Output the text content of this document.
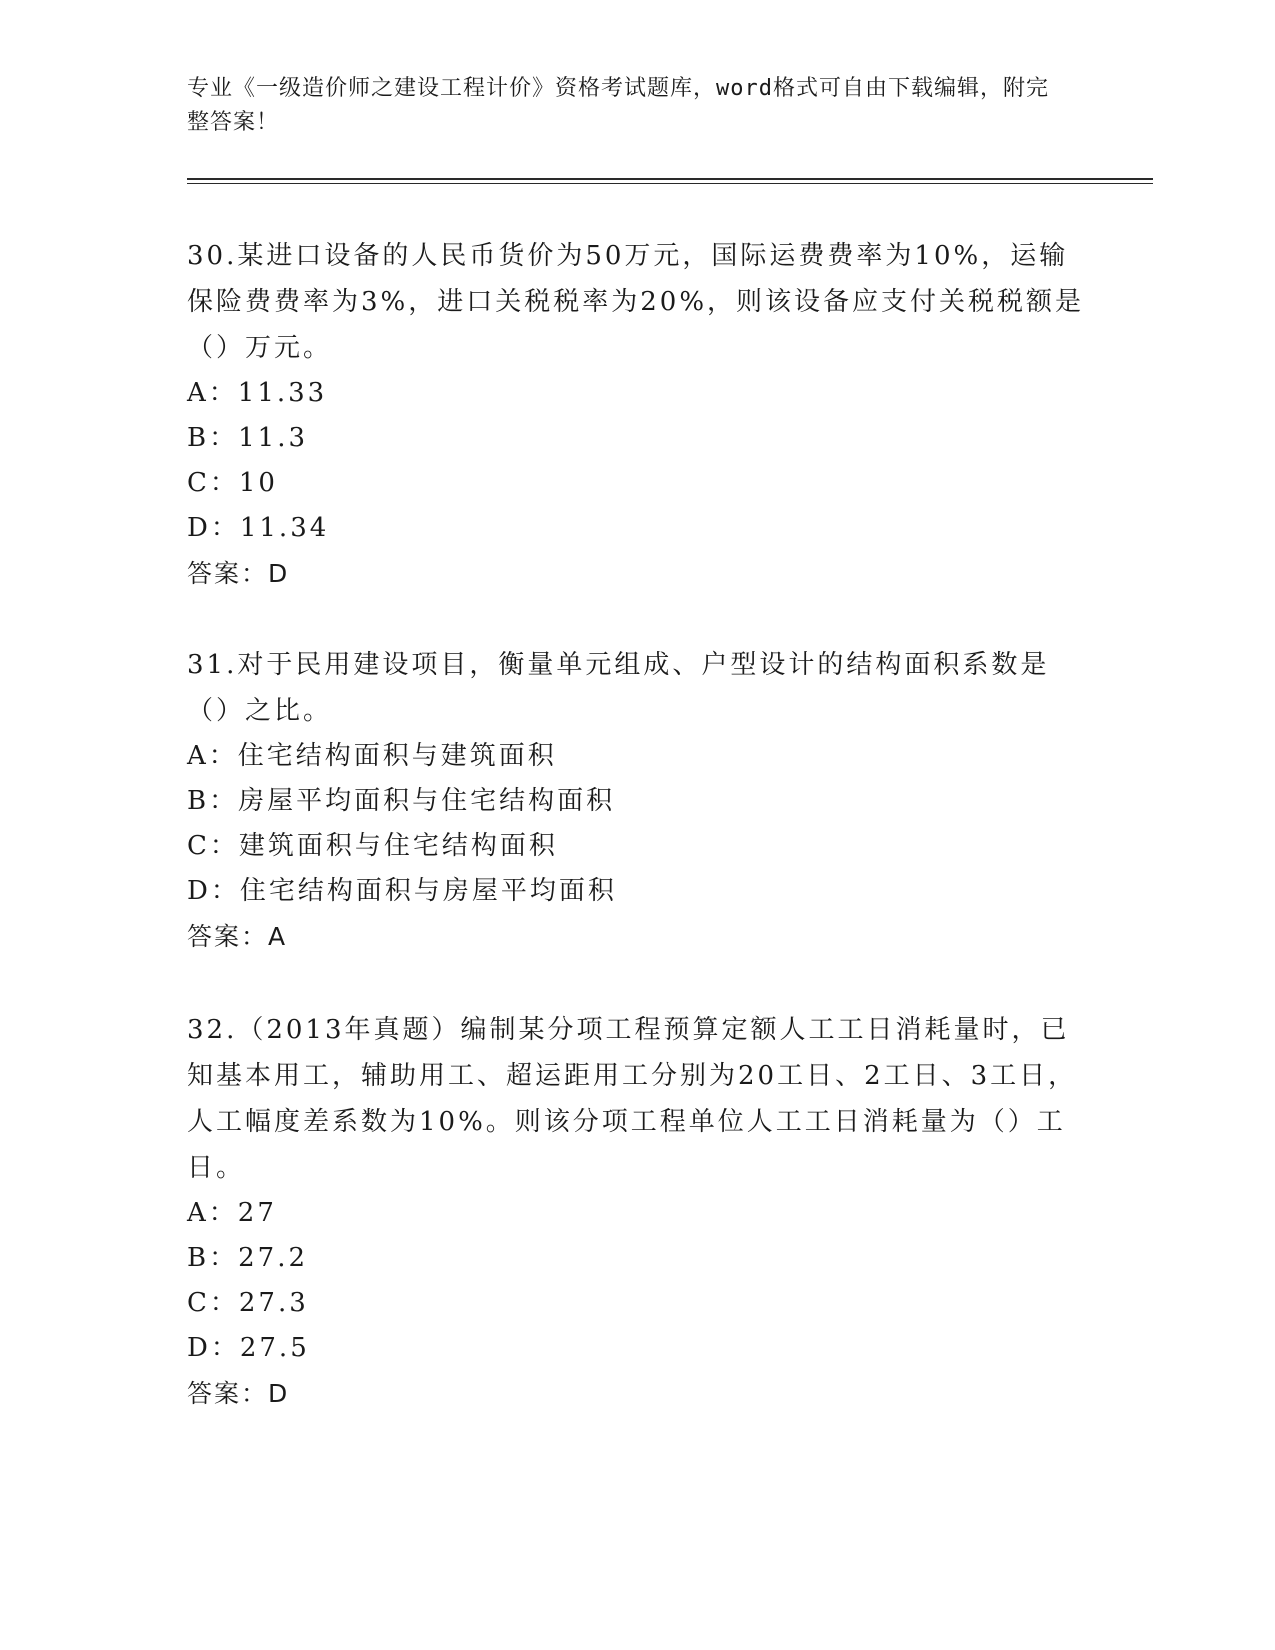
专业《一级造价师之建设工程计价》资格考试题库，word格式可自由下载编辑，附完整答案！

30.某进口设备的人民币货价为50万元，国际运费费率为10%，运输保险费费率为3%，进口关税税率为20%，则该设备应支付关税税额是（）万元。

A：11.33

B：11.3

C：10

D：11.34

答案：D

31.对于民用建设项目，衡量单元组成、户型设计的结构面积系数是（）之比。

A：住宅结构面积与建筑面积

B：房屋平均面积与住宅结构面积

C：建筑面积与住宅结构面积

D：住宅结构面积与房屋平均面积

答案：A

32.（2013年真题）编制某分项工程预算定额人工工日消耗量时，已知基本用工，辅助用工、超运距用工分别为20工日、2工日、3工日，人工幅度差系数为10%。则该分项工程单位人工工日消耗量为（）工日。

A：27

B：27.2

C：27.3

D：27.5

答案：D
